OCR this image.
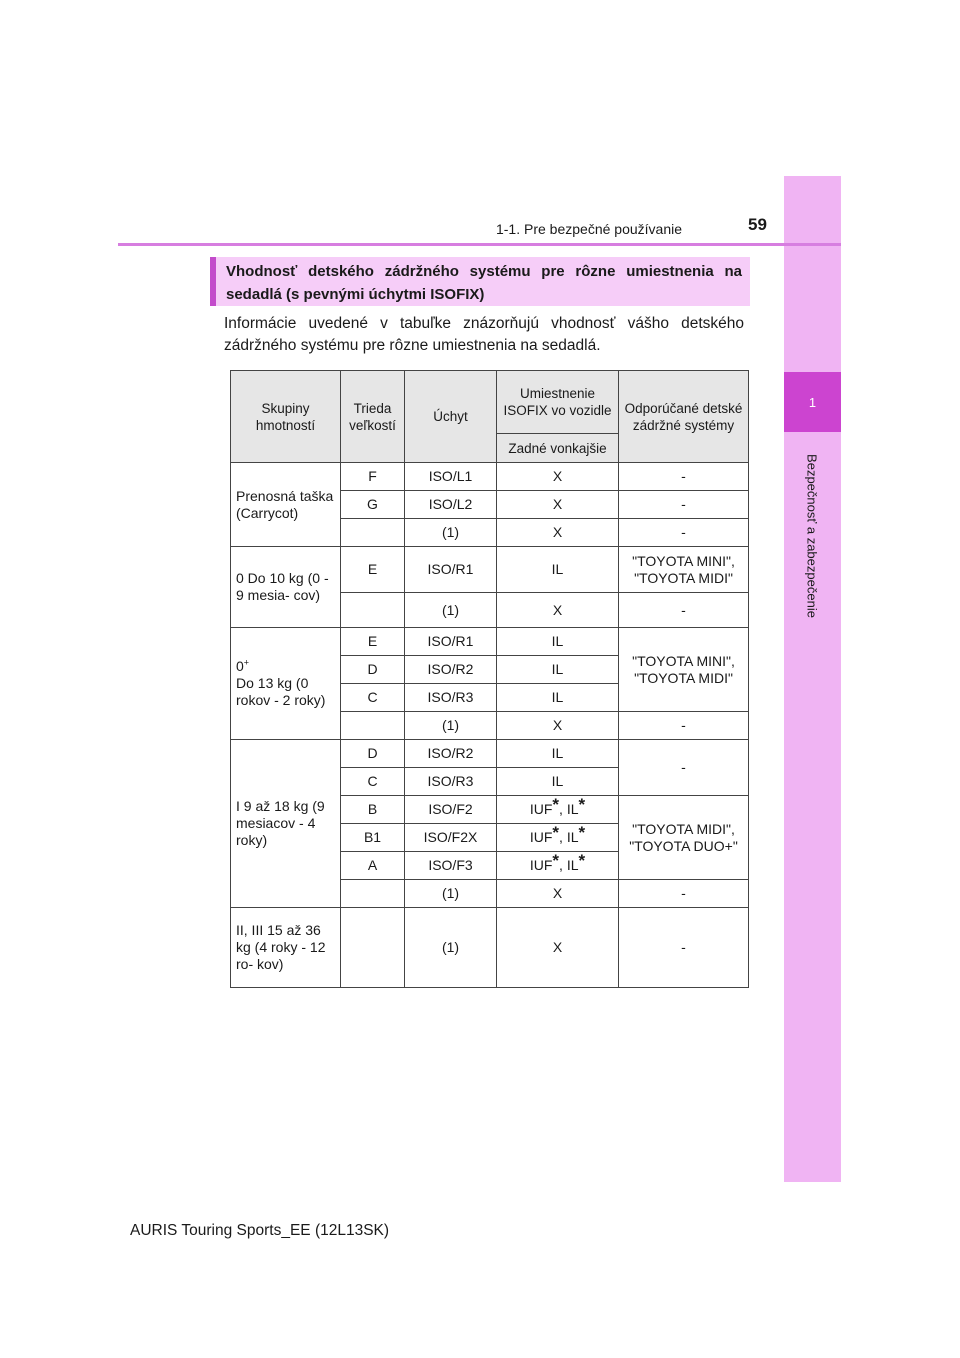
1
Bezpečnosť a zabezpečenie
1-1. Pre bezpečné používanie	59
Vhodnosť detského zádržného systému pre rôzne umiestnenia na sedadlá (s pevnými úchytmi ISOFIX)
Informácie uvedené v tabuľke znázorňujú vhodnosť vášho detského zádržného systému pre rôzne umiestnenia na sedadlá.
Skupiny hmotností	Trieda veľkostí	Úchyt	Umiestnenie ISOFIX vo vozidle	Odporúčané detské zádržné systémy
			Zadné vonkajšie	
Prenosná taška (Carrycot)	F	ISO/L1	X	-
	G	ISO/L2	X	-
		(1)	X	-
0 Do 10 kg (0 - 9 mesia- cov)	E	ISO/R1	IL	"TOYOTA MINI", "TOYOTA MIDI"
		(1)	X	-
0+
Do 13 kg (0 rokov - 2 roky)	E	ISO/R1	IL	"TOYOTA MINI", "TOYOTA MIDI"
	D	ISO/R2	IL	
	C	ISO/R3	IL	
		(1)	X	-
I 9 až 18 kg (9 mesiacov - 4 roky)	D	ISO/R2	IL	-
	C	ISO/R3	IL	
	B	ISO/F2	IUF*, IL*	"TOYOTA MIDI", "TOYOTA DUO+"
	B1	ISO/F2X	IUF*, IL*	
	A	ISO/F3	IUF*, IL*	
		(1)	X	-
II, III 15 až 36 kg (4 roky - 12 ro- kov)		(1)	X	-
AURIS Touring Sports_EE (12L13SK)
